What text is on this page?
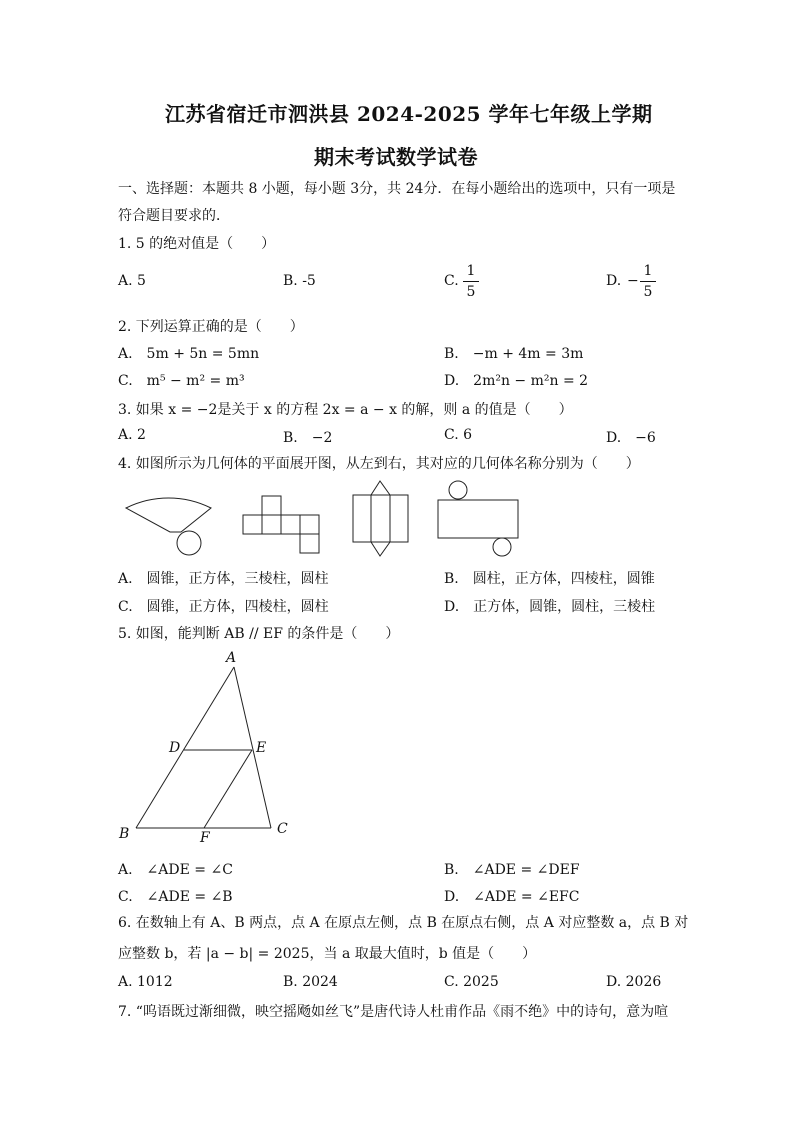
江苏省宿迁市泗洪县 2024-2025 学年七年级上学期
期末考试数学试卷
一、选择题：本题共 8 小题，每小题 3分，共 24分．在每小题给出的选项中，只有一项是
符合题目要求的．
1. 5 的绝对值是（　　）
A. 5	B. -5	C.
1
5
D. −
1
5
2. 下列运算正确的是（　　）
A.　5m + 5n = 5mn	B.　−m + 4m = 3m
C.　m⁵ − m² = m³	D.　2m²n − m²n = 2
3. 如果 x = −2是关于 x 的方程 2x = a − x 的解，则 a 的值是（　　）
A. 2	B.　−2	C. 6	D.　−6
4. 如图所示为几何体的平面展开图，从左到右，其对应的几何体名称分别为（　　）
A.　圆锥，正方体，三棱柱，圆柱	B.　圆柱，正方体，四棱柱，圆锥
C.　圆锥，正方体，四棱柱，圆柱	D.　正方体，圆锥，圆柱，三棱柱
5. 如图，能判断 AB // EF 的条件是（　　）
A
D	E
B	F
C
A.　∠ADE = ∠C	B.　∠ADE = ∠DEF
C.　∠ADE = ∠B	D.　∠ADE = ∠EFC
6. 在数轴上有 A、B 两点，点 A 在原点左侧，点 B 在原点右侧，点 A 对应整数 a，点 B 对
应整数 b，若 |a − b| = 2025，当 a 取最大值时，b 值是（　　）
A. 1012	B. 2024	C. 2025	D. 2026
7. “呜语既过渐细微，映空摇飏如丝飞”是唐代诗人杜甫作品《雨不绝》中的诗句，意为喧
